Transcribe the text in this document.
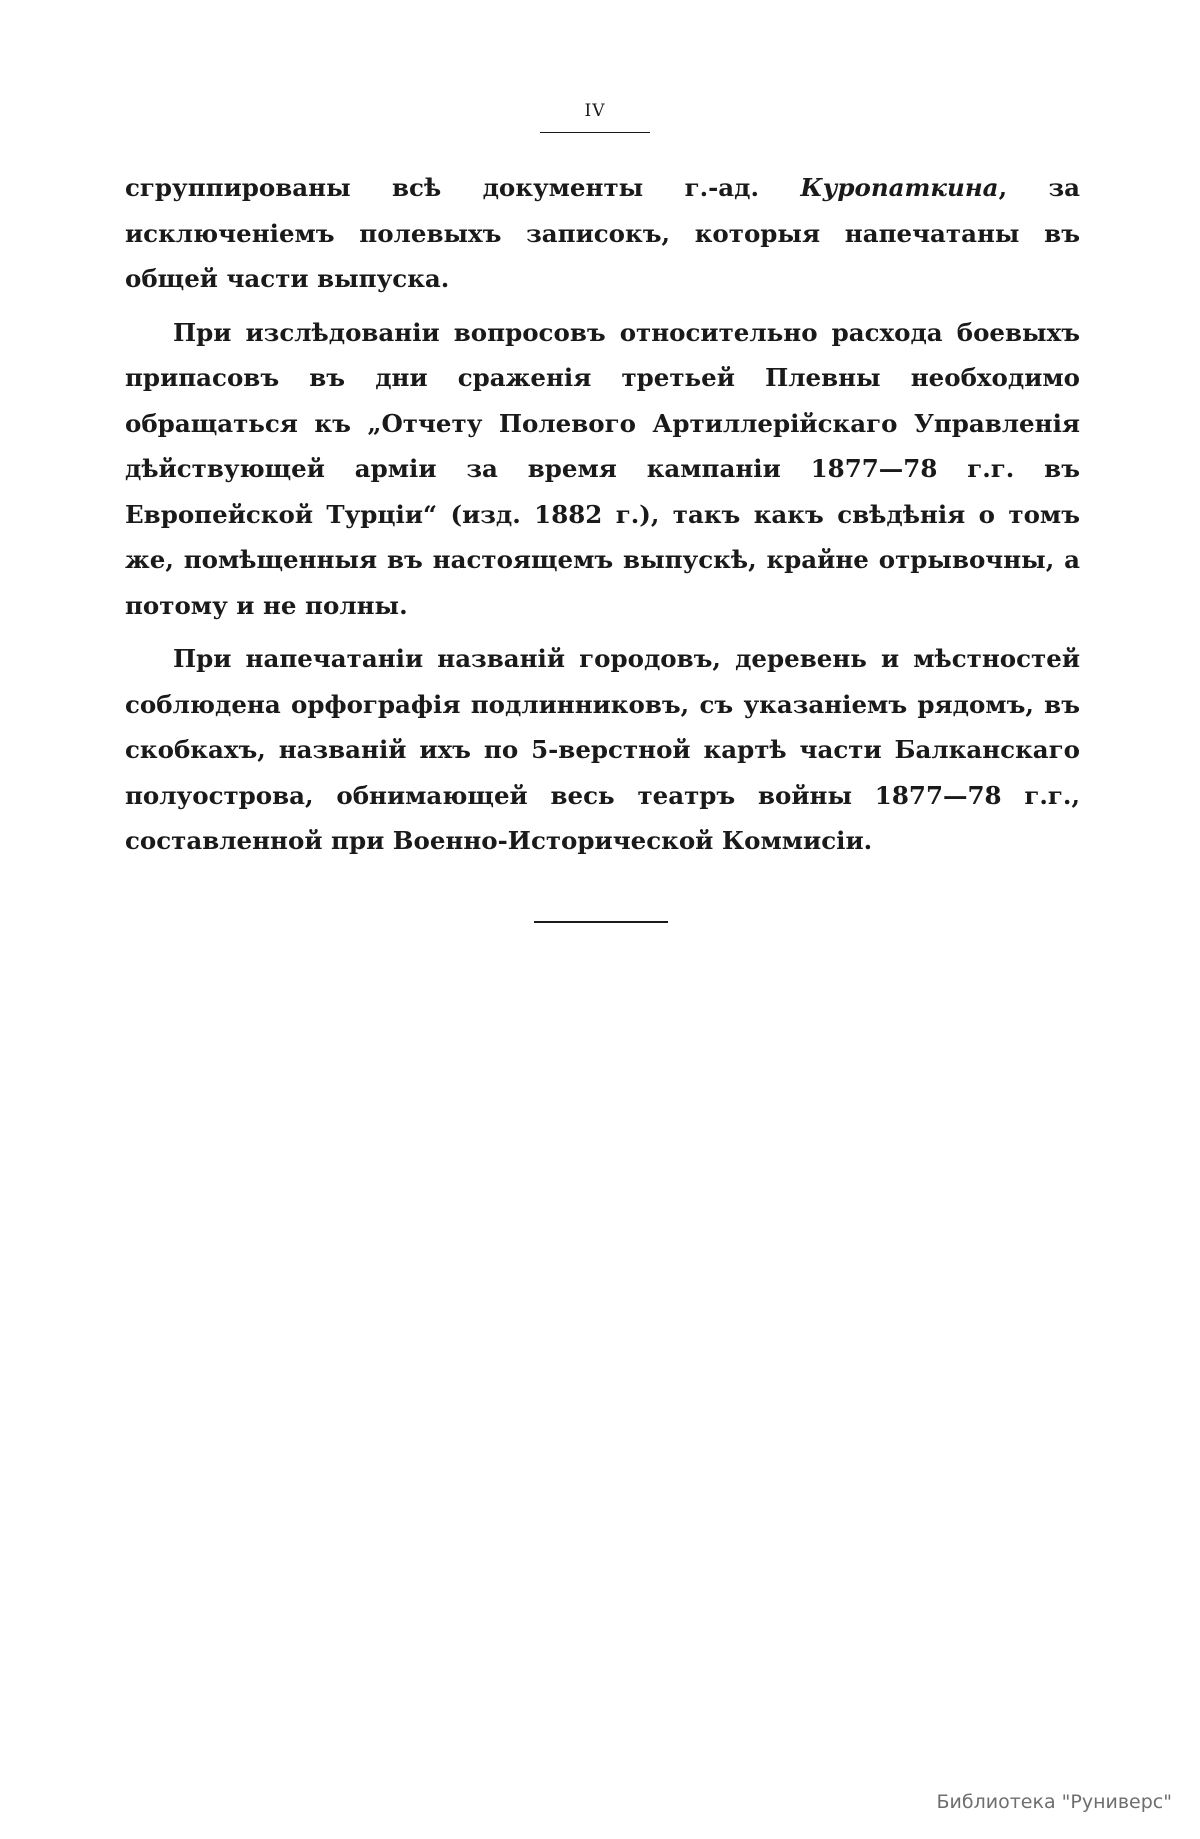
IV

сгруппированы всѣ документы г.-ад. Куропаткина, за исключеніемъ полевыхъ записокъ, которыя напечатаны въ общей части выпуска.

При изслѣдованіи вопросовъ относительно расхода боевыхъ припасовъ въ дни сраженія третьей Плевны необходимо обращаться къ „Отчету Полевого Артиллерійскаго Управленія дѣйствующей арміи за время кампаніи 1877—78 г.г. въ Европейской Турціи“ (изд. 1882 г.), такъ какъ свѣдѣнія о томъ же, помѣщенныя въ настоящемъ выпускѣ, крайне отрывочны, а потому и не полны.

При напечатаніи названій городовъ, деревень и мѣстностей соблюдена орфографія подлинниковъ, съ указаніемъ рядомъ, въ скобкахъ, названій ихъ по 5-верстной картѣ части Балканскаго полуострова, обнимающей весь театръ войны 1877—78 г.г., составленной при Военно-Исторической Коммисіи.

Библиотека "Руниверс"
